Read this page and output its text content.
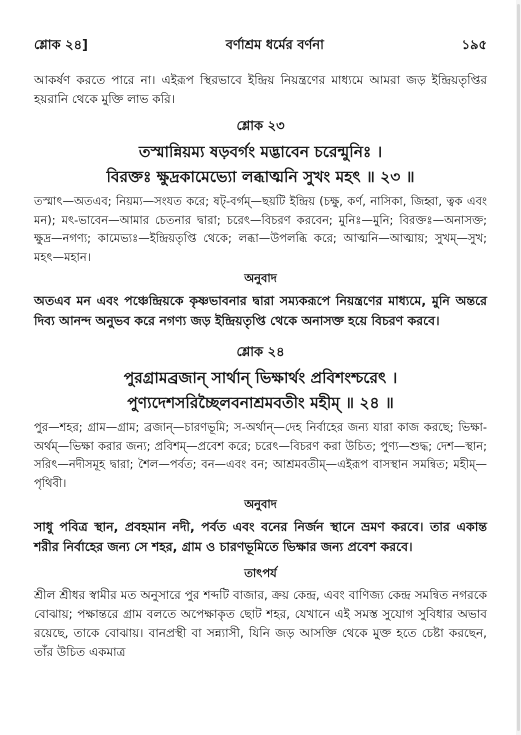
শ্লোক ২৪]	বর্ণাশ্রম ধর্মের বর্ণনা	১৯৫

আকর্ষণ করতে পারে না। এইরূপ স্থিরভাবে ইন্দ্রিয় নিয়ন্ত্রণের মাধ্যমে আমরা জড় ইন্দ্রিয়তৃপ্তির হয়রানি থেকে মুক্তি লাভ করি।

শ্লোক ২৩
তস্মান্নিয়ম্য ষড়বর্গং মদ্ভাবেন চরেন্মুনিঃ ।
বিরক্তঃ ক্ষুদ্রকামেভ্যো লব্ধাত্মনি সুখং মহৎ ॥ ২৩ ॥

তস্মাৎ—অতএব; নিয়ম্য—সংযত করে; ষট্-বর্গম্—ছয়টি ইন্দ্রিয় (চক্ষু, কর্ণ, নাসিকা, জিহ্বা, ত্বক এবং মন); মৎ-ভাবেন—আমার চেতনার দ্বারা; চরেৎ—বিচরণ করবেন; মুনিঃ—মুনি; বিরক্তঃ—অনাসক্ত; ক্ষুদ্র—নগণ্য; কামেভ্যঃ—ইন্দ্রিয়তৃপ্তি থেকে; লব্ধা—উপলব্ধি করে; আত্মনি—আত্মায়; সুখম্—সুখ; মহৎ—মহান।

অনুবাদ

অতএব মন এবং পঞ্চেন্দ্রিয়কে কৃষ্ণভাবনার দ্বারা সম্যকরূপে নিয়ন্ত্রণের মাধ্যমে, মুনি অন্তরে দিব্য আনন্দ অনুভব করে নগণ্য জড় ইন্দ্রিয়তৃপ্তি থেকে অনাসক্ত হয়ে বিচরণ করবে।

শ্লোক ২৪
পুরগ্রামব্রজান্ সার্থান্ ভিক্ষার্থং প্রবিশংশ্চরেৎ ।
পুণ্যদেশসরিচ্ছৈলবনাশ্রমবতীং মহীম্ ॥ ২৪ ॥

পুর—শহর; গ্রাম—গ্রাম; ব্রজান্—চারণভূমি; স-অর্থান্—দেহ নির্বাহের জন্য যারা কাজ করছে; ভিক্ষা-অর্থম্—ভিক্ষা করার জন্য; প্রবিশম্—প্রবেশ করে; চরেৎ—বিচরণ করা উচিত; পুণ্য—শুদ্ধ; দেশ—স্থান; সরিৎ—নদীসমূহ দ্বারা; শৈল—পর্বত; বন—এবং বন; আশ্রমবতীম্—এইরূপ বাসস্থান সমন্বিত; মহীম্—পৃথিবী।

অনুবাদ

সাধু পবিত্র স্থান, প্রবহমান নদী, পর্বত এবং বনের নির্জন স্থানে ভ্রমণ করবে। তার একান্ত শরীর নির্বাহের জন্য সে শহর, গ্রাম ও চারণভূমিতে ভিক্ষার জন্য প্রবেশ করবে।

তাৎপর্য

শ্রীল শ্রীধর স্বামীর মত অনুসারে পুর শব্দটি বাজার, ক্রয় কেন্দ্র, এবং বাণিজ্য কেন্দ্র সমন্বিত নগরকে বোঝায়; পক্ষান্তরে গ্রাম বলতে অপেক্ষাকৃত ছোট শহর, যেখানে এই সমস্ত সুযোগ সুবিধার অভাব রয়েছে, তাকে বোঝায়। বানপ্রস্থী বা সন্ন্যাসী, যিনি জড় আসক্তি থেকে মুক্ত হতে চেষ্টা করছেন, তাঁর উচিত একমাত্র
